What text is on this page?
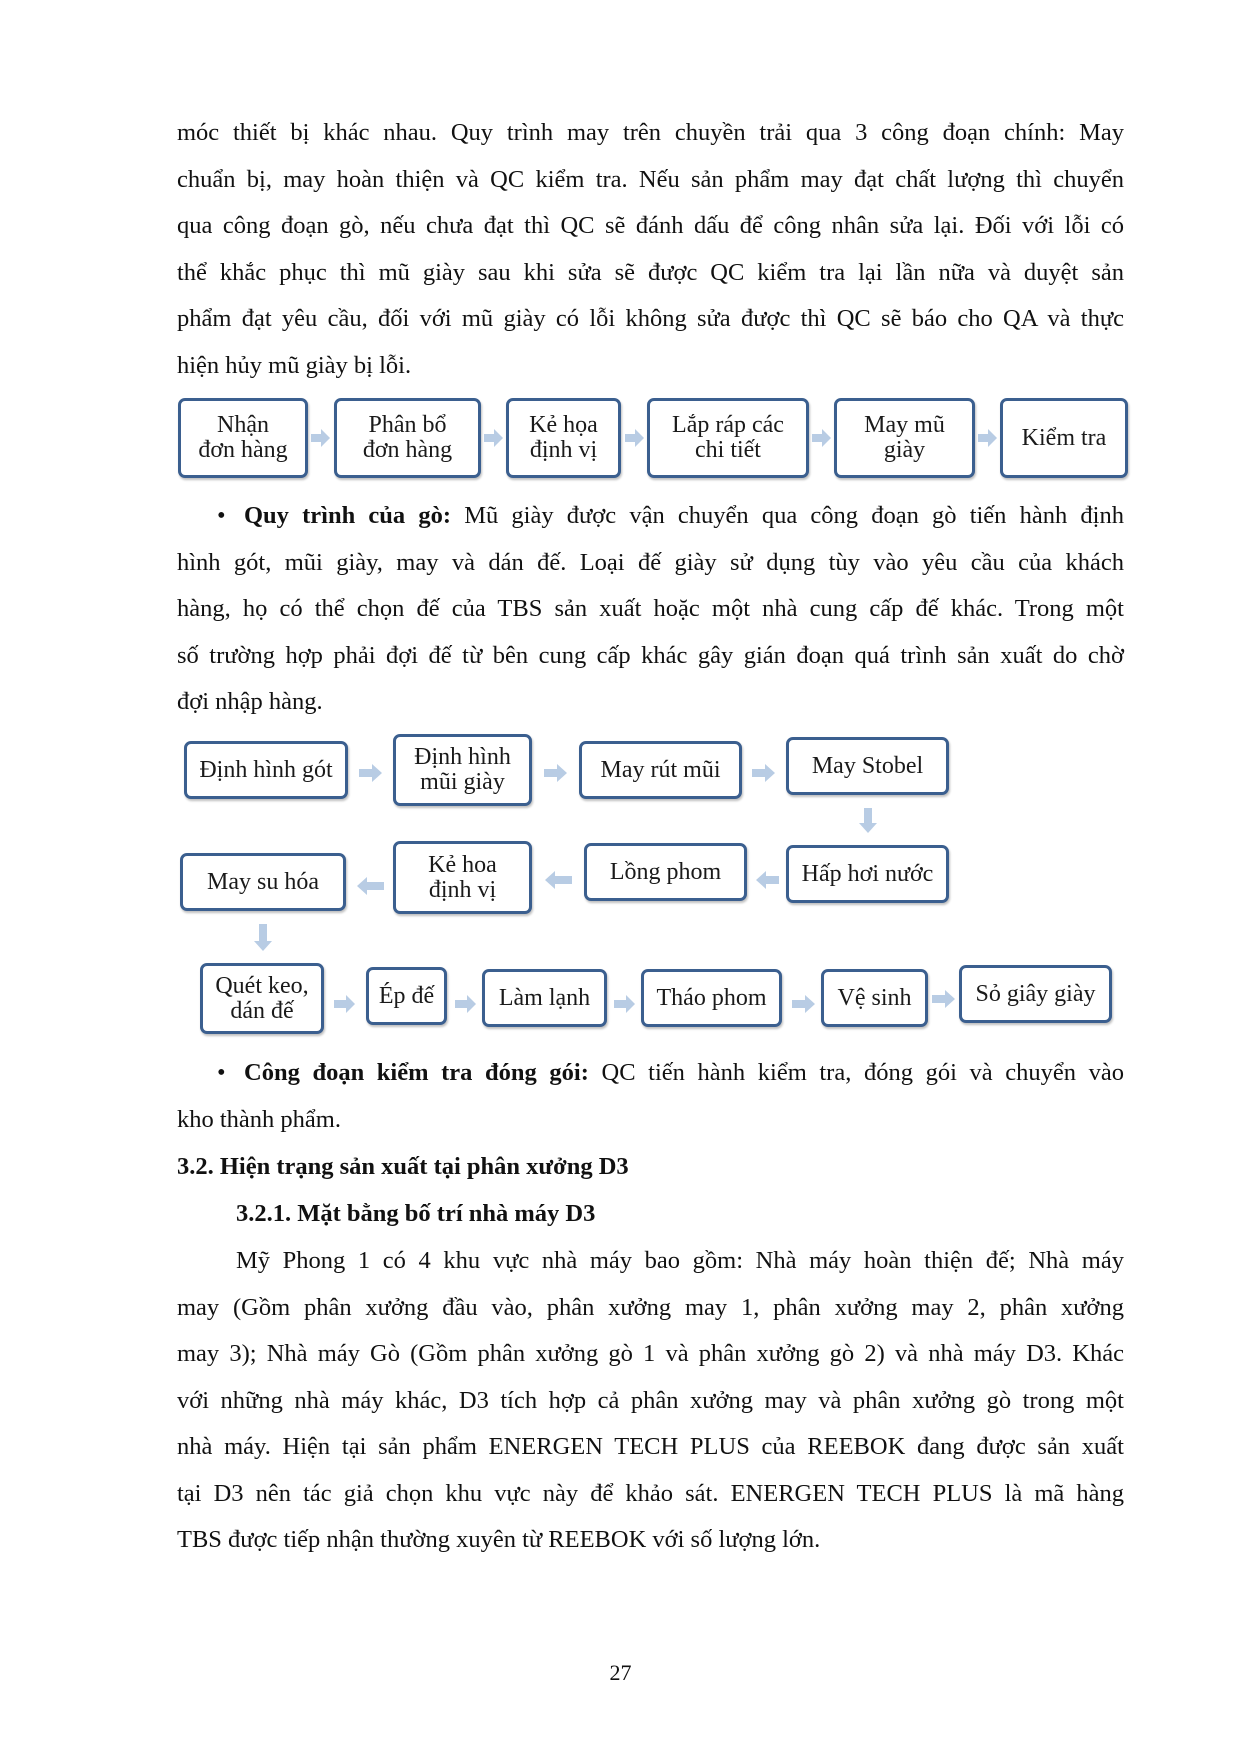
móc thiết bị khác nhau. Quy trình may trên chuyền trải qua 3 công đoạn chính: May

chuẩn bị, may hoàn thiện và QC kiểm tra. Nếu sản phẩm may đạt chất lượng thì chuyển

qua công đoạn gò, nếu chưa đạt thì QC sẽ đánh dấu để công nhân sửa lại. Đối với lỗi có

thể khắc phục thì mũ giày sau khi sửa sẽ được QC kiểm tra lại lần nữa và duyệt sản

phẩm đạt yêu cầu, đối với mũ giày có lỗi không sửa được thì QC sẽ báo cho QA và thực

hiện hủy mũ giày bị lỗi.

Nhận
đơn hàng
Phân bổ
đơn hàng
Kẻ họa
định vị
Lắp ráp các
chi tiết
May mũ
giày	Kiểm tra

• Quy trình của gò: Mũ giày được vận chuyển qua công đoạn gò tiến hành định

hình gót, mũi giày, may và dán đế. Loại đế giày sử dụng tùy vào yêu cầu của khách

hàng, họ có thể chọn đế của TBS sản xuất hoặc một nhà cung cấp đế khác. Trong một

số trường hợp phải đợi đế từ bên cung cấp khác gây gián đoạn quá trình sản xuất do chờ

đợi nhập hàng.

Định hình gót	Định hình
mũi giày	May rút mũi	May Stobel
Hấp hơi nước
Lồng phom
Kẻ hoa
định vị
May su hóa
Quét keo,
dán đế
Ép đế	Làm lạnh	Tháo phom	Vệ sinh	Sỏ giây giày

• Công đoạn kiểm tra đóng gói: QC tiến hành kiểm tra, đóng gói và chuyển vào

kho thành phẩm.

3.2. Hiện trạng sản xuất tại phân xưởng D3
3.2.1. Mặt bằng bố trí nhà máy D3

Mỹ Phong 1 có 4 khu vực nhà máy bao gồm: Nhà máy hoàn thiện đế; Nhà máy

may (Gồm phân xưởng đầu vào, phân xưởng may 1, phân xưởng may 2, phân xưởng

may 3); Nhà máy Gò (Gồm phân xưởng gò 1 và phân xưởng gò 2) và nhà máy D3. Khác

với những nhà máy khác, D3 tích hợp cả phân xưởng may và phân xưởng gò trong một

nhà máy. Hiện tại sản phẩm ENERGEN TECH PLUS của REEBOK đang được sản xuất

tại D3 nên tác giả chọn khu vực này để khảo sát. ENERGEN TECH PLUS là mã hàng

TBS được tiếp nhận thường xuyên từ REEBOK với số lượng lớn.

27
